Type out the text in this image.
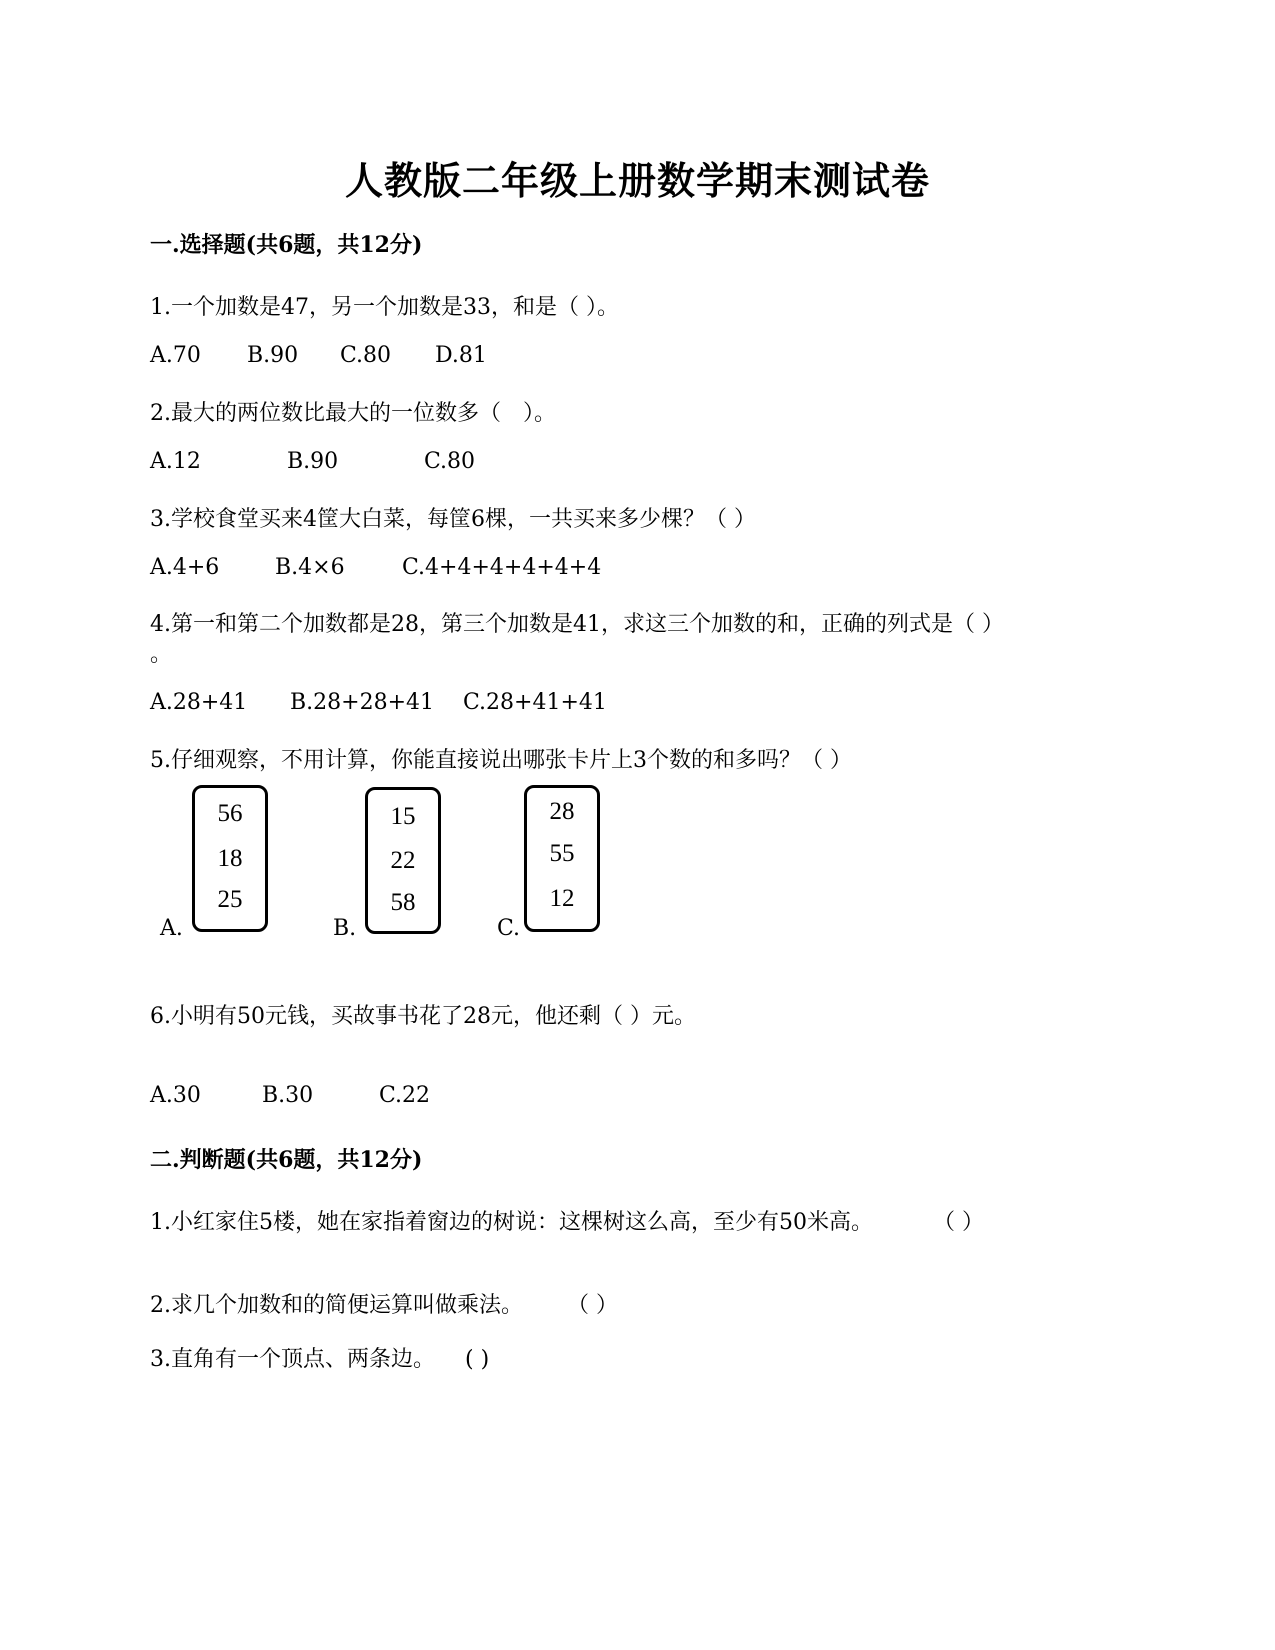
人教版二年级上册数学期末测试卷
一.选择题(共6题，共12分)
1.一个加数是47，另一个加数是33，和是（ ）。
A.70 B.90 C.80 D.81
2.最大的两位数比最大的一位数多（　）。
A.12	B.90	C.80
3.学校食堂买来4筐大白菜，每筐6棵，一共买来多少棵？（ ）
A.4+6	B.4×6	C.4+4+4+4+4+4
4.第一和第二个加数都是28，第三个加数是41，求这三个加数的和，正确的列式是（ ）
。
A.28+41 B.28+28+41 C.28+41+41
5.仔细观察，不用计算，你能直接说出哪张卡片上3个数的和多吗？（ ）
A.
56
18
25
B.
15
22
58
C.
28
55
12
6.小明有50元钱，买故事书花了28元，他还剩（ ）元。
A.30	B.30	C.22
二.判断题(共6题，共12分)
1.小红家住5楼，她在家指着窗边的树说：这棵树这么高，至少有50米高。	（ ）
2.求几个加数和的简便运算叫做乘法。 （ ）
3.直角有一个顶点、两条边。 ( )
